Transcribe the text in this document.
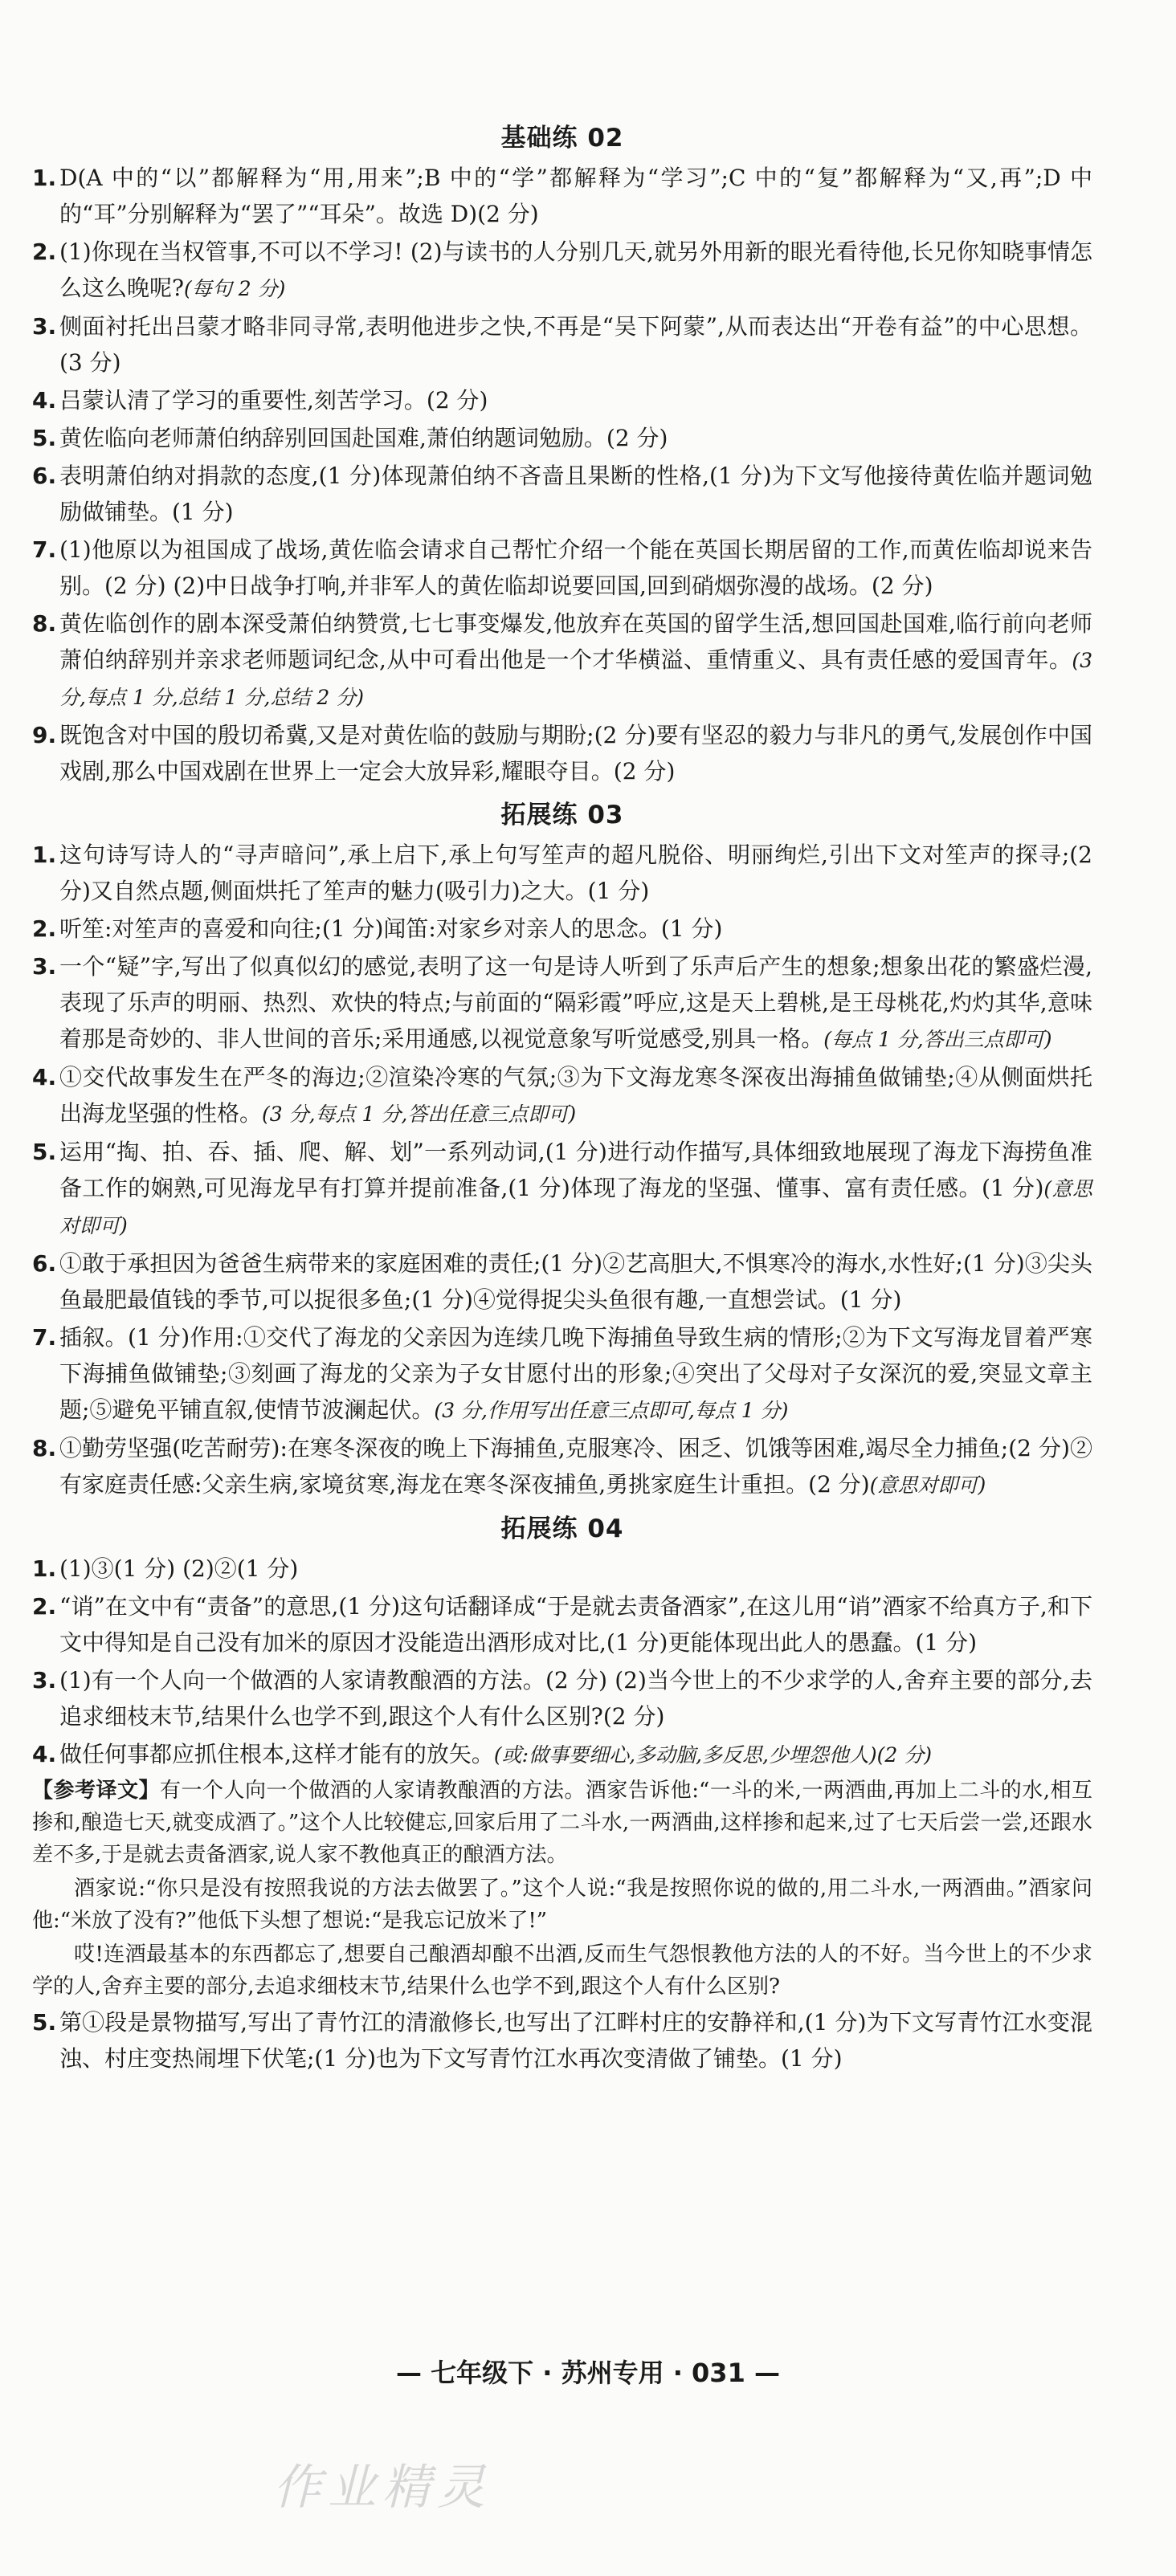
基础练 02
1. D(A 中的“以”都解释为“用,用来”;B 中的“学”都解释为“学习”;C 中的“复”都解释为“又,再”;D 中的“耳”分别解释为“罢了”“耳朵”。故选 D)(2 分)
2. (1)你现在当权管事,不可以不学习! (2)与读书的人分别几天,就另外用新的眼光看待他,长兄你知晓事情怎么这么晚呢?(每句 2 分)
3. 侧面衬托出吕蒙才略非同寻常,表明他进步之快,不再是“吴下阿蒙”,从而表达出“开卷有益”的中心思想。(3 分)
4. 吕蒙认清了学习的重要性,刻苦学习。(2 分)
5. 黄佐临向老师萧伯纳辞别回国赴国难,萧伯纳题词勉励。(2 分)
6. 表明萧伯纳对捐款的态度,(1 分)体现萧伯纳不吝啬且果断的性格,(1 分)为下文写他接待黄佐临并题词勉励做铺垫。(1 分)
7. (1)他原以为祖国成了战场,黄佐临会请求自己帮忙介绍一个能在英国长期居留的工作,而黄佐临却说来告别。(2 分) (2)中日战争打响,并非军人的黄佐临却说要回国,回到硝烟弥漫的战场。(2 分)
8. 黄佐临创作的剧本深受萧伯纳赞赏,七七事变爆发,他放弃在英国的留学生活,想回国赴国难,临行前向老师萧伯纳辞别并亲求老师题词纪念,从中可看出他是一个才华横溢、重情重义、具有责任感的爱国青年。(3 分,每点 1 分,总结 1 分,总结 2 分)
9. 既饱含对中国的殷切希冀,又是对黄佐临的鼓励与期盼;(2 分)要有坚忍的毅力与非凡的勇气,发展创作中国戏剧,那么中国戏剧在世界上一定会大放异彩,耀眼夺目。(2 分)
拓展练 03
1. 这句诗写诗人的“寻声暗问”,承上启下,承上句写笙声的超凡脱俗、明丽绚烂,引出下文对笙声的探寻;(2 分)又自然点题,侧面烘托了笙声的魅力(吸引力)之大。(1 分)
2. 听笙:对笙声的喜爱和向往;(1 分)闻笛:对家乡对亲人的思念。(1 分)
3. 一个“疑”字,写出了似真似幻的感觉,表明了这一句是诗人听到了乐声后产生的想象;想象出花的繁盛烂漫,表现了乐声的明丽、热烈、欢快的特点;与前面的“隔彩霞”呼应,这是天上碧桃,是王母桃花,灼灼其华,意味着那是奇妙的、非人世间的音乐;采用通感,以视觉意象写听觉感受,别具一格。(每点 1 分,答出三点即可)
4. ①交代故事发生在严冬的海边;②渲染冷寒的气氛;③为下文海龙寒冬深夜出海捕鱼做铺垫;④从侧面烘托出海龙坚强的性格。(3 分,每点 1 分,答出任意三点即可)
5. 运用“掏、拍、吞、插、爬、解、划”一系列动词,(1 分)进行动作描写,具体细致地展现了海龙下海捞鱼准备工作的娴熟,可见海龙早有打算并提前准备,(1 分)体现了海龙的坚强、懂事、富有责任感。(1 分)(意思对即可)
6. ①敢于承担因为爸爸生病带来的家庭困难的责任;(1 分)②艺高胆大,不惧寒冷的海水,水性好;(1 分)③尖头鱼最肥最值钱的季节,可以捉很多鱼;(1 分)④觉得捉尖头鱼很有趣,一直想尝试。(1 分)
7. 插叙。(1 分)作用:①交代了海龙的父亲因为连续几晚下海捕鱼导致生病的情形;②为下文写海龙冒着严寒下海捕鱼做铺垫;③刻画了海龙的父亲为子女甘愿付出的形象;④突出了父母对子女深沉的爱,突显文章主题;⑤避免平铺直叙,使情节波澜起伏。(3 分,作用写出任意三点即可,每点 1 分)
8. ①勤劳坚强(吃苦耐劳):在寒冬深夜的晚上下海捕鱼,克服寒冷、困乏、饥饿等困难,竭尽全力捕鱼;(2 分)②有家庭责任感:父亲生病,家境贫寒,海龙在寒冬深夜捕鱼,勇挑家庭生计重担。(2 分)(意思对即可)
拓展练 04
1. (1)③(1 分) (2)②(1 分)
2. “诮”在文中有“责备”的意思,(1 分)这句话翻译成“于是就去责备酒家”,在这儿用“诮”酒家不给真方子,和下文中得知是自己没有加米的原因才没能造出酒形成对比,(1 分)更能体现出此人的愚蠢。(1 分)
3. (1)有一个人向一个做酒的人家请教酿酒的方法。(2 分) (2)当今世上的不少求学的人,舍弃主要的部分,去追求细枝末节,结果什么也学不到,跟这个人有什么区别?(2 分)
4. 做任何事都应抓住根本,这样才能有的放矢。(或:做事要细心,多动脑,多反思,少埋怨他人)(2 分)
【参考译文】有一个人向一个做酒的人家请教酿酒的方法。酒家告诉他:“一斗的米,一两酒曲,再加上二斗的水,相互掺和,酿造七天,就变成酒了。”这个人比较健忘,回家后用了二斗水,一两酒曲,这样掺和起来,过了七天后尝一尝,还跟水差不多,于是就去责备酒家,说人家不教他真正的酿酒方法。
酒家说:“你只是没有按照我说的方法去做罢了。”这个人说:“我是按照你说的做的,用二斗水,一两酒曲。”酒家问他:“米放了没有?”他低下头想了想说:“是我忘记放米了!”
哎!连酒最基本的东西都忘了,想要自己酿酒却酿不出酒,反而生气怨恨教他方法的人的不好。当今世上的不少求学的人,舍弃主要的部分,去追求细枝末节,结果什么也学不到,跟这个人有什么区别?
5. 第①段是景物描写,写出了青竹江的清澈修长,也写出了江畔村庄的安静祥和,(1 分)为下文写青竹江水变混浊、村庄变热闹埋下伏笔;(1 分)也为下文写青竹江水再次变清做了铺垫。(1 分)
— 七年级下 · 苏州专用 · 031 —
作业精灵
